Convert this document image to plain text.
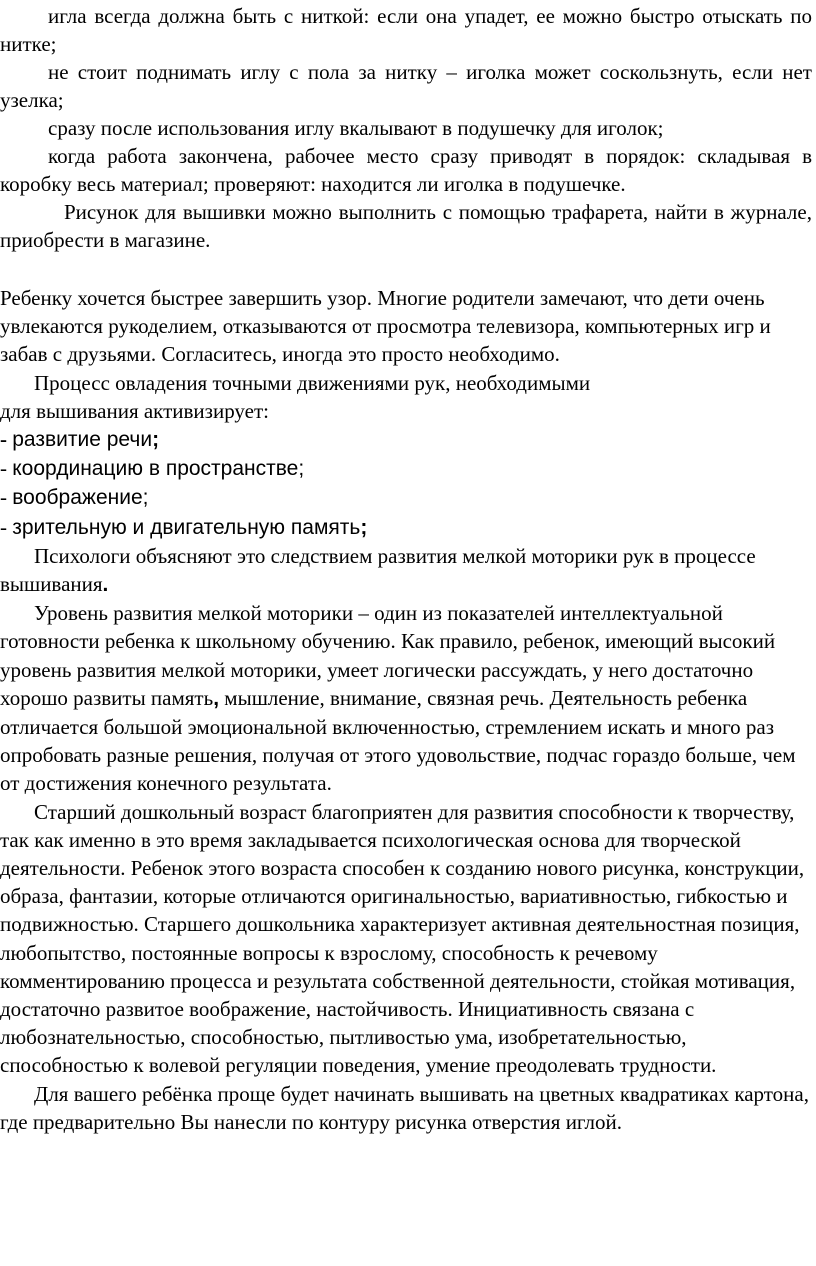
игла всегда должна быть с ниткой: если она упадет, ее можно быстро отыскать по нитке;

не стоит поднимать иглу с пола за нитку – иголка может соскользнуть, если нет узелка;

сразу после использования иглу вкалывают в подушечку для иголок;

когда работа закончена, рабочее место сразу приводят в порядок: складывая в коробку весь материал; проверяют: находится ли иголка в подушечке.

Рисунок для вышивки можно выполнить с помощью трафарета, найти в журнале, приобрести в магазине.

Ребенку хочется быстрее завершить узор. Многие родители замечают, что дети очень увлекаются рукоделием, отказываются от просмотра телевизора, компьютерных игр и забав с друзьями. Согласитесь, иногда это просто необходимо.

Процесс овладения точными движениями рук, необходимыми

для вышивания активизирует:

- развитие речи;

- координацию в пространстве;

- воображение;

- зрительную и двигательную память;

Психологи объясняют это следствием развития мелкой моторики рук в процессе вышивания.

Уровень развития мелкой моторики – один из показателей интеллектуальной готовности ребенка к школьному обучению. Как правило, ребенок, имеющий высокий уровень развития мелкой моторики, умеет логически рассуждать, у него достаточно хорошо развиты память, мышление, внимание, связная речь. Деятельность ребенка отличается большой эмоциональной включенностью, стремлением искать и много раз опробовать разные решения, получая от этого удовольствие, подчас гораздо больше, чем от достижения конечного результата.

Старший дошкольный возраст благоприятен для развития способности к творчеству, так как именно в это время закладывается психологическая основа для творческой деятельности. Ребенок этого возраста способен к созданию нового рисунка, конструкции, образа, фантазии, которые отличаются оригинальностью, вариативностью, гибкостью и подвижностью. Старшего дошкольника характеризует активная деятельностная позиция, любопытство, постоянные вопросы к взрослому, способность к речевому комментированию процесса и результата собственной деятельности, стойкая мотивация, достаточно развитое воображение, настойчивость. Инициативность связана с любознательностью, способностью, пытливостью ума, изобретательностью, способностью к волевой регуляции поведения, умение преодолевать трудности.

Для вашего ребёнка проще будет начинать вышивать на цветных квадратиках картона, где предварительно Вы нанесли по контуру рисунка отверстия иглой.
